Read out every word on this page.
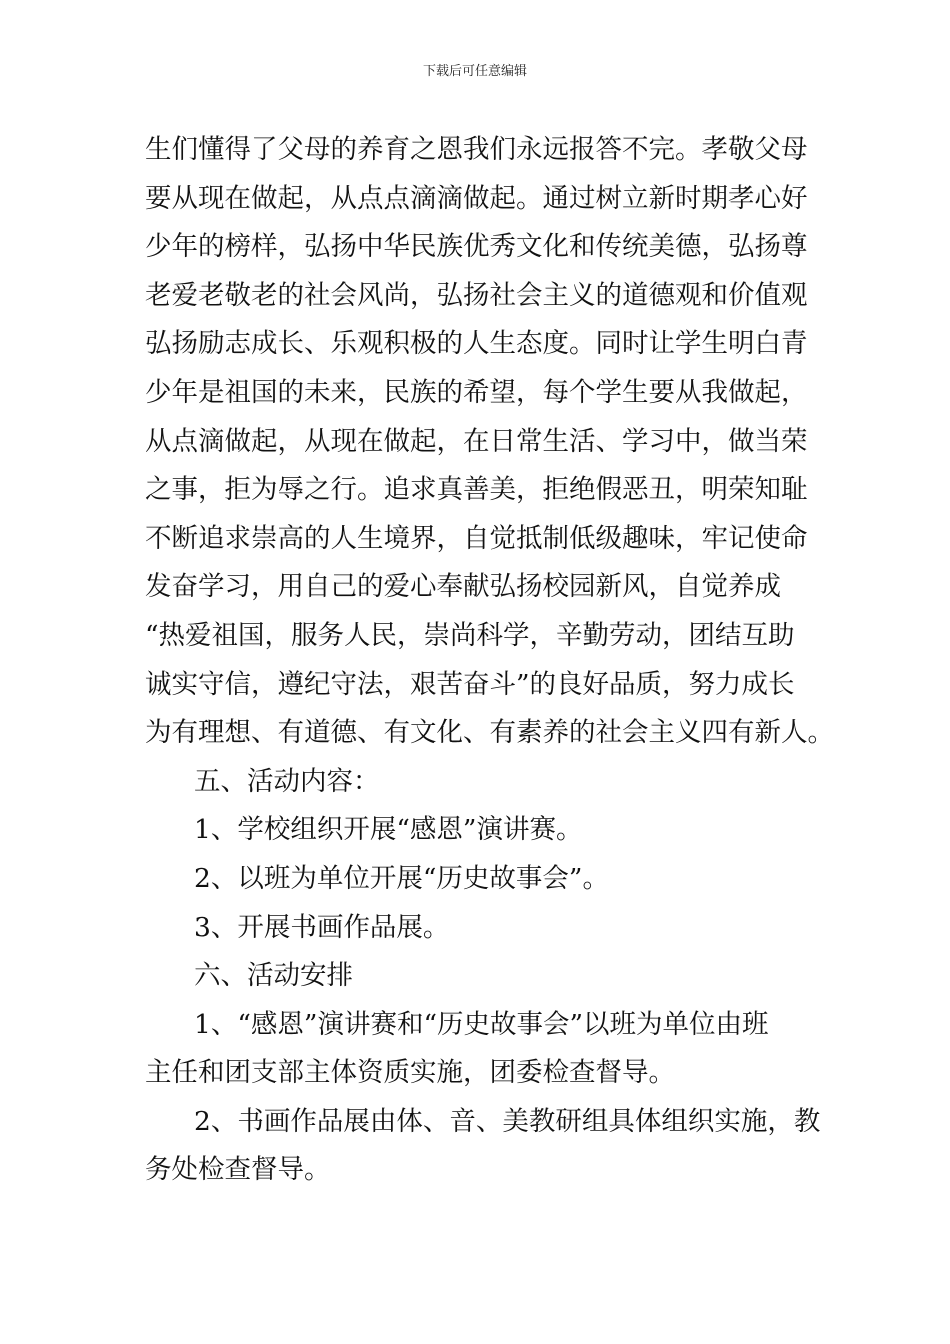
下载后可任意编辑
生们懂得了父母的养育之恩我们永远报答不完。孝敬父母
要从现在做起，从点点滴滴做起。通过树立新时期孝心好
少年的榜样，弘扬中华民族优秀文化和传统美德，弘扬尊
老爱老敬老的社会风尚，弘扬社会主义的道德观和价值观
弘扬励志成长、乐观积极的人生态度。同时让学生明白青
少年是祖国的未来，民族的希望，每个学生要从我做起，
从点滴做起，从现在做起，在日常生活、学习中，做当荣
之事，拒为辱之行。追求真善美，拒绝假恶丑，明荣知耻
不断追求崇高的人生境界，自觉抵制低级趣味，牢记使命
发奋学习，用自己的爱心奉献弘扬校园新风，自觉养成
“热爱祖国，服务人民，崇尚科学，辛勤劳动，团结互助
诚实守信，遵纪守法，艰苦奋斗”的良好品质，努力成长
为有理想、有道德、有文化、有素养的社会主义四有新人。
五、活动内容：
1、学校组织开展“感恩”演讲赛。
2、以班为单位开展“历史故事会”。
3、开展书画作品展。
六、活动安排
1、“感恩”演讲赛和“历史故事会”以班为单位由班
主任和团支部主体资质实施，团委检查督导。
2、书画作品展由体、音、美教研组具体组织实施，教
务处检查督导。
